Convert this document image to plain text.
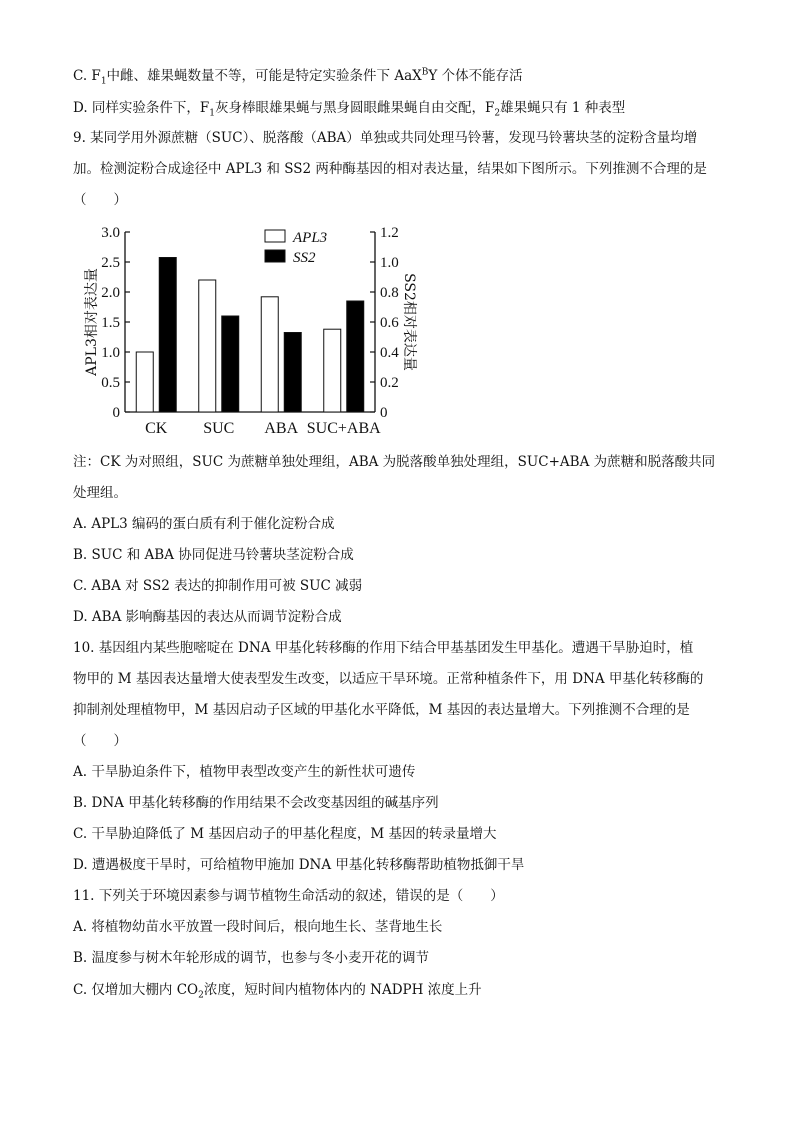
C. $F_1$中雌、雄果蝇数量不等，可能是特定实验条件下 AaX$^B$Y 个体不能存活
D. 同样实验条件下，$F_1$灰身棒眼雄果蝇与黑身圆眼雌果蝇自由交配，$F_2$雄果蝇只有 1 种表型
9. 某同学用外源蔗糖（SUC）、脱落酸（ABA）单独或共同处理马铃薯，发现马铃薯块茎的淀粉含量均增
加。检测淀粉合成途径中 APL3 和 SS2 两种酶基因的相对表达量，结果如下图所示。下列推测不合理的是
（　　）
0
0.5
1.0
1.5
2.0
2.5
3.0
0
0.2
0.4
0.6
0.8
1.0
1.2
CK SUC ABA SUC+ABA
APL3
SS2
APL3相对表达量	SS2相对表达量
注：CK 为对照组，SUC 为蔗糖单独处理组，ABA 为脱落酸单独处理组，SUC+ABA 为蔗糖和脱落酸共同
处理组。
A. APL3 编码的蛋白质有利于催化淀粉合成
B. SUC 和 ABA 协同促进马铃薯块茎淀粉合成
C. ABA 对 SS2 表达的抑制作用可被 SUC 减弱
D. ABA 影响酶基因的表达从而调节淀粉合成
10. 基因组内某些胞嘧啶在 DNA 甲基化转移酶的作用下结合甲基基团发生甲基化。遭遇干旱胁迫时，植
物甲的 M 基因表达量增大使表型发生改变，以适应干旱环境。正常种植条件下，用 DNA 甲基化转移酶的
抑制剂处理植物甲，M 基因启动子区域的甲基化水平降低，M 基因的表达量增大。下列推测不合理的是
（　　）
A. 干旱胁迫条件下，植物甲表型改变产生的新性状可遗传
B. DNA 甲基化转移酶的作用结果不会改变基因组的碱基序列
C. 干旱胁迫降低了 M 基因启动子的甲基化程度，M 基因的转录量增大
D. 遭遇极度干旱时，可给植物甲施加 DNA 甲基化转移酶帮助植物抵御干旱
11. 下列关于环境因素参与调节植物生命活动的叙述，错误的是（　　）
A. 将植物幼苗水平放置一段时间后，根向地生长、茎背地生长
B. 温度参与树木年轮形成的调节，也参与冬小麦开花的调节
C. 仅增加大棚内 $CO_2$浓度，短时间内植物体内的 NADPH 浓度上升
